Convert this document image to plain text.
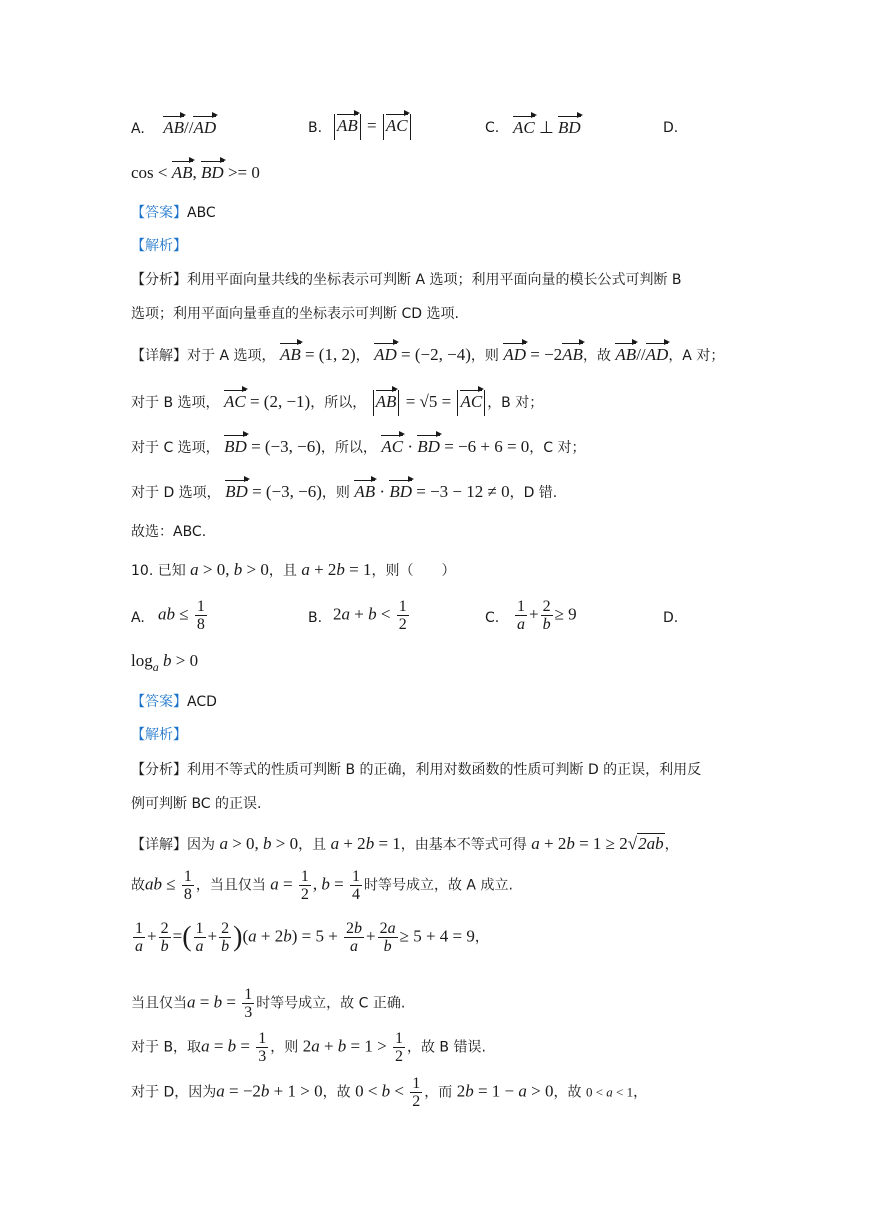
A. AB//AD	B. AB = AC	C. AC ⊥ BD	D.
cos < AB, BD >= 0
【答案】ABC
【解析】
【分析】利用平面向量共线的坐标表示可判断 A 选项；利用平面向量的模长公式可判断 B
选项；利用平面向量垂直的坐标表示可判断 CD 选项.
【详解】对于 A 选项， AB = (1, 2)， AD = (−2, −4)，则 AD = −2AB，故 AB//AD，A 对；
对于 B 选项， AC = (2, −1)，所以， AB = √5 = AC ，B 对；
对于 C 选项， BD = (−3, −6)，所以， AC · BD = −6 + 6 = 0，C 对；
对于 D 选项， BD = (−3, −6)，则 AB · BD = −3 − 12 ≠ 0，D 错.
故选：ABC.
10. 已知 a > 0, b > 0，且 a + 2b = 1，则（　　）
A. ab ≤ $\frac{1}{8}$	B. $2a + b < \frac{1}{2}$	C. $\frac{1}{a} + \frac{2}{b} \ge 9$	D.
loga b > 0
【答案】ACD
【解析】
【分析】利用不等式的性质可判断 B 的正确，利用对数函数的性质可判断 D 的正误，利用反
例可判断 BC 的正误.
【详解】因为 a > 0, b > 0，且 a + 2b = 1，由基本不等式可得 a + 2b = 1 ≥ 2√2ab，
故ab ≤ $\frac{1}{8}$ ，当且仅当 $a = \frac{1}{2}$ , $b = \frac{1}{4}$ 时等号成立，故 A 成立.
$\frac{1}{a} + \frac{2}{b}$ =( $\frac{1}{a} + \frac{2}{b} )(a + 2b) = 5 + \frac{2b}{a} + \frac{2a}{b} \ge 5 + 4 = 9$，
当且仅当$a = b = \frac{1}{3}$ 时等号成立，故 C 正确.
对于 B，取$a = b = \frac{1}{3}$ ，则 $2a + b = 1 > \frac{1}{2}$ ，故 B 错误.
对于 D，因为a = −2b + 1 > 0，故 $0 < b < \frac{1}{2}$ ，而 2b = 1 − a > 0，故 0 < a < 1，
